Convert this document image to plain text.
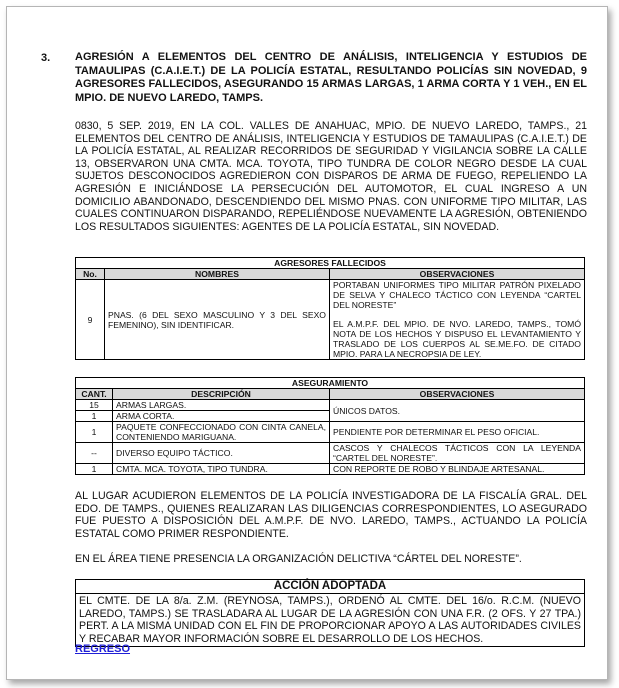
3. AGRESIÓN A ELEMENTOS DEL CENTRO DE ANÁLISIS, INTELIGENCIA Y ESTUDIOS DE TAMAULIPAS (C.A.I.E.T.) DE LA POLICÍA ESTATAL, RESULTANDO POLICÍAS SIN NOVEDAD, 9 AGRESORES FALLECIDOS, ASEGURANDO 15 ARMAS LARGAS, 1 ARMA CORTA Y 1 VEH., EN EL MPIO. DE NUEVO LAREDO, TAMPS.
0830, 5 SEP. 2019, EN LA COL. VALLES DE ANAHUAC, MPIO. DE NUEVO LAREDO, TAMPS., 21 ELEMENTOS DEL CENTRO DE ANÁLISIS, INTELIGENCIA Y ESTUDIOS DE TAMAULIPAS (C.A.I.E.T.) DE LA POLICÍA ESTATAL, AL REALIZAR RECORRIDOS DE SEGURIDAD Y VIGILANCIA SOBRE LA CALLE 13, OBSERVARON UNA CMTA. MCA. TOYOTA, TIPO TUNDRA DE COLOR NEGRO DESDE LA CUAL SUJETOS DESCONOCIDOS AGREDIERON CON DISPAROS DE ARMA DE FUEGO, REPELIENDO LA AGRESIÓN E INICIÁNDOSE LA PERSECUCIÓN DEL AUTOMOTOR, EL CUAL INGRESO A UN DOMICILIO ABANDONADO, DESCENDIENDO DEL MISMO PNAS. CON UNIFORME TIPO MILITAR, LAS CUALES CONTINUARON DISPARANDO, REPELIÉNDOSE NUEVAMENTE LA AGRESIÓN, OBTENIENDO LOS RESULTADOS SIGUIENTES: AGENTES DE LA POLICÍA ESTATAL, SIN NOVEDAD.
AGRESORES FALLECIDOS		
No.	NOMBRES	OBSERVACIONES
9	PNAS. (6 DEL SEXO MASCULINO Y 3 DEL SEXO FEMENINO), SIN IDENTIFICAR.	PORTABAN UNIFORMES TIPO MILITAR PATRÓN PIXELADO DE SELVA Y CHALECO TÁCTICO CON LEYENDA “CARTEL DEL NORESTE”
EL A.M.P.F. DEL MPIO. DE NVO. LAREDO, TAMPS., TOMÓ NOTA DE LOS HECHOS Y DISPUSO EL LEVANTAMIENTO Y TRASLADO DE LOS CUERPOS AL SE.ME.FO. DE CITADO MPIO. PARA LA NECROPSIA DE LEY.
ASEGURAMIENTO		
CANT.	DESCRIPCIÓN	OBSERVACIONES
15	ARMAS LARGAS.	ÚNICOS DATOS.
1	ARMA CORTA.	
1	PAQUETE CONFECCIONADO CON CINTA CANELA, CONTENIENDO MARIGUANA.	PENDIENTE POR DETERMINAR EL PESO OFICIAL.
--	DIVERSO EQUIPO TÁCTICO.	CASCOS Y CHALECOS TÁCTICOS CON LA LEYENDA “CARTEL DEL NORESTE”.
1	CMTA. MCA. TOYOTA, TIPO TUNDRA.	CON REPORTE DE ROBO Y BLINDAJE ARTESANAL.
AL LUGAR ACUDIERON ELEMENTOS DE LA POLICÍA INVESTIGADORA DE LA FISCALÍA GRAL. DEL EDO. DE TAMPS., QUIENES REALIZARAN LAS DILIGENCIAS CORRESPONDIENTES, LO ASEGURADO FUE PUESTO A DISPOSICIÓN DEL A.M.P.F. DE NVO. LAREDO, TAMPS., ACTUANDO LA POLICÍA ESTATAL COMO PRIMER RESPONDIENTE.
EN EL ÁREA TIENE PRESENCIA LA ORGANIZACIÓN DELICTIVA “CÁRTEL DEL NORESTE”.
ACCIÓN ADOPTADA
EL CMTE. DE LA 8/a. Z.M. (REYNOSA, TAMPS.), ORDENÓ AL CMTE. DEL 16/o. R.C.M. (NUEVO LAREDO, TAMPS.) SE TRASLADARA AL LUGAR DE LA AGRESIÓN CON UNA F.R. (2 OFS. Y 27 TPA.) PERT. A LA MISMA UNIDAD CON EL FIN DE PROPORCIONAR APOYO A LAS AUTORIDADES CIVILES Y RECABAR MAYOR INFORMACIÓN SOBRE EL DESARROLLO DE LOS HECHOS.
REGRESO
